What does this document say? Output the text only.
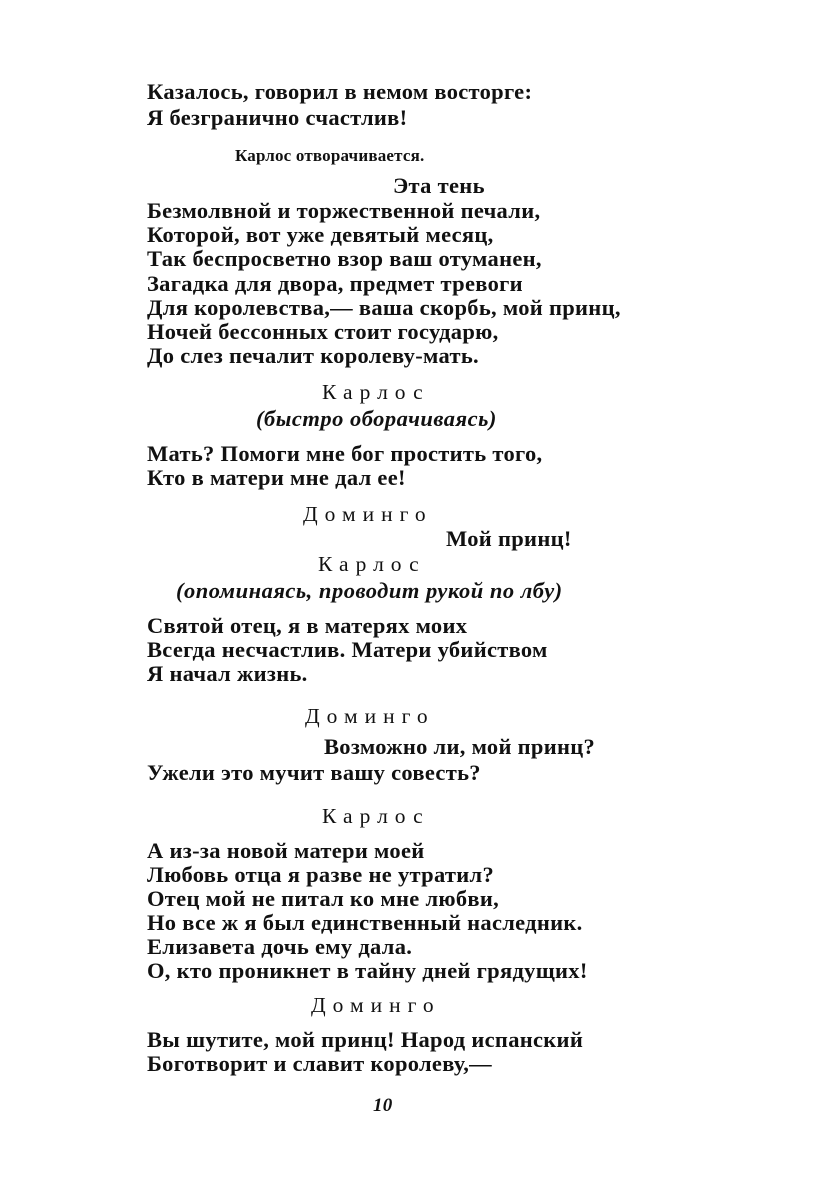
Казалось, говорил в немом восторге:
Я безгранично счастлив!
Карлос отворачивается.
Эта тень
Безмолвной и торжественной печали,
Которой, вот уже девятый месяц,
Так беспросветно взор ваш отуманен,
Загадка для двора, предмет тревоги
Для королевства,— ваша скорбь, мой принц,
Ночей бессонных стоит государю,
До слез печалит королеву-мать.
Карлос
(быстро оборачиваясь)
Мать? Помоги мне бог простить того,
Кто в матери мне дал ее!
Доминго
Мой принц!
Карлос
(опоминаясь, проводит рукой по лбу)
Святой отец, я в матерях моих
Всегда несчастлив. Матери убийством
Я начал жизнь.
Доминго
Возможно ли, мой принц?
Ужели это мучит вашу совесть?
Карлос
А из-за новой матери моей
Любовь отца я разве не утратил?
Отец мой не питал ко мне любви,
Но все ж я был единственный наследник.
Елизавета дочь ему дала.
О, кто проникнет в тайну дней грядущих!
Доминго
Вы шутите, мой принц! Народ испанский
Боготворит и славит королеву,—
10
